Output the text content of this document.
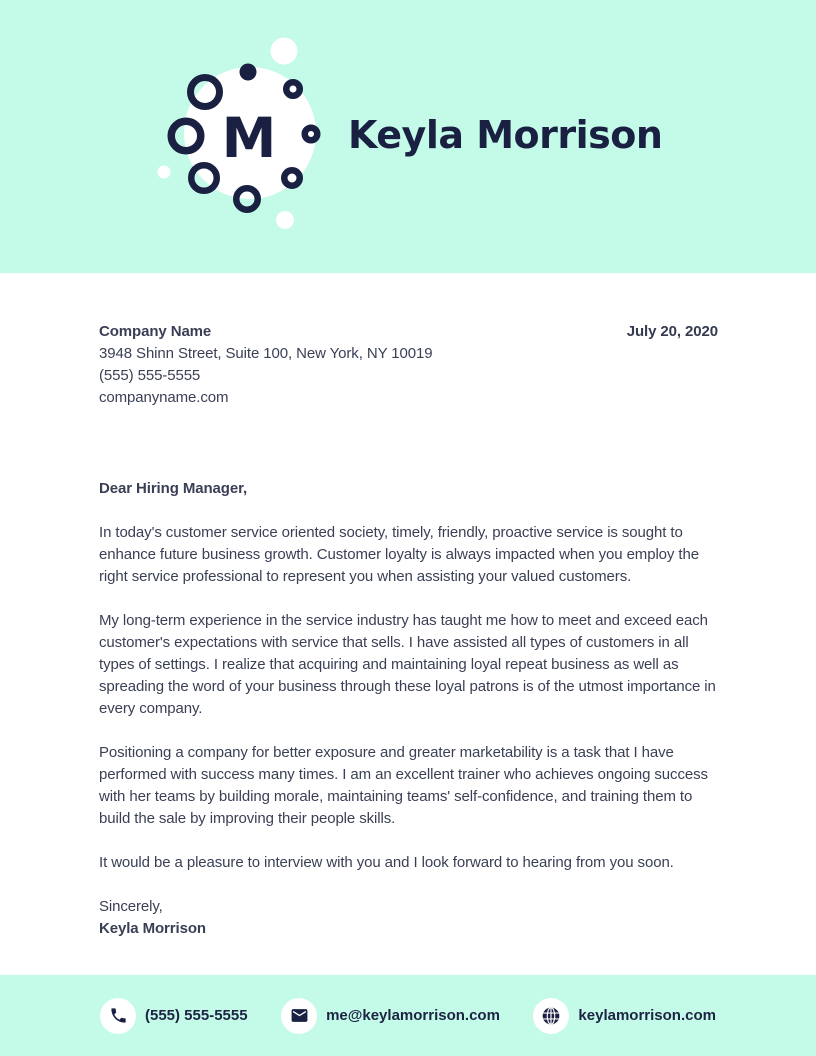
M Keyla Morrison
Company Name
3948 Shinn Street, Suite 100, New York, NY 10019
(555) 555-5555
companyname.com
July 20, 2020
Dear Hiring Manager,

In today's customer service oriented society, timely, friendly, proactive service is sought to enhance future business growth. Customer loyalty is always impacted when you employ the right service professional to represent you when assisting your valued customers.

My long-term experience in the service industry has taught me how to meet and exceed each customer's expectations with service that sells. I have assisted all types of customers in all types of settings. I realize that acquiring and maintaining loyal repeat business as well as spreading the word of your business through these loyal patrons is of the utmost importance in every company.

Positioning a company for better exposure and greater marketability is a task that I have performed with success many times. I am an excellent trainer who achieves ongoing success with her teams by building morale, maintaining teams' self-confidence, and training them to build the sale by improving their people skills.

It would be a pleasure to interview with you and I look forward to hearing from you soon.

Sincerely,

Keyla Morrison

(555) 555-5555	me@keylamorrison.com	keylamorrison.com
